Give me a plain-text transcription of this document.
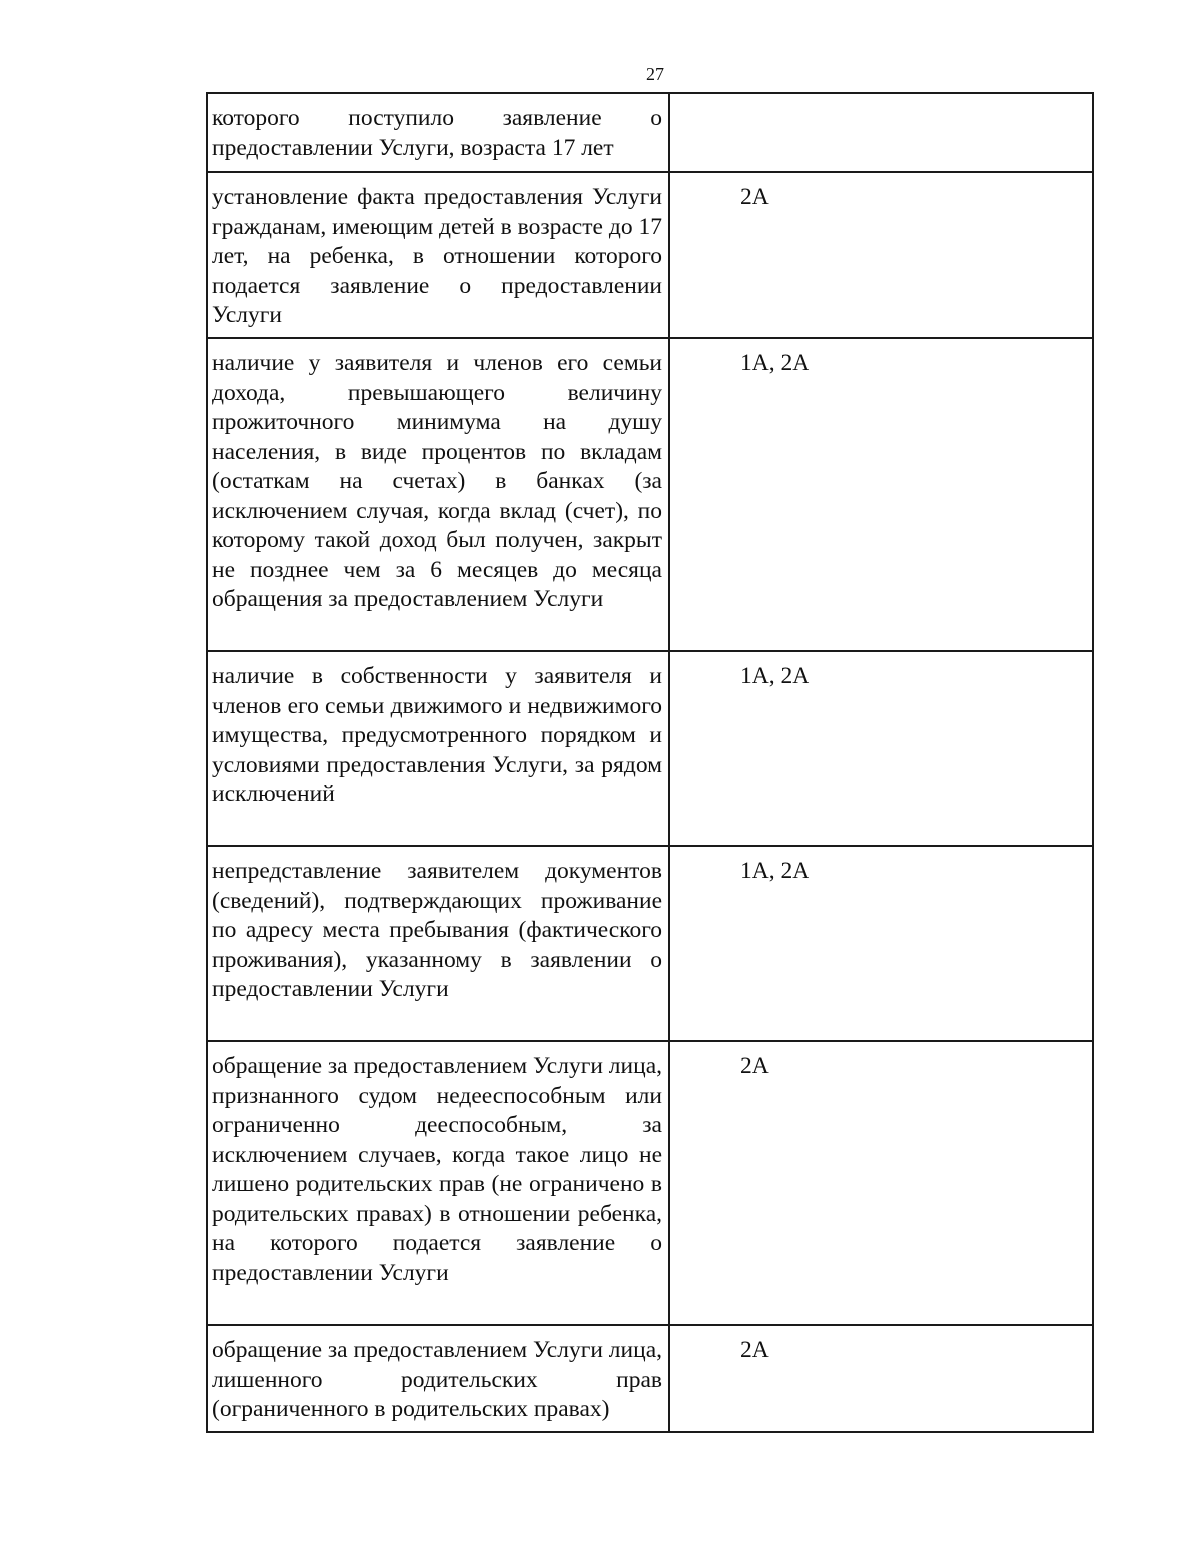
27
которого поступило заявление о предоставлении Услуги, возраста 17 лет	
установление факта предоставления Услуги гражданам, имеющим детей в возрасте до 17 лет, на ребенка, в отношении которого подается заявление о предоставлении Услуги	2А
наличие у заявителя и членов его семьи дохода, превышающего величину прожиточного минимума на душу населения, в виде процентов по вкладам (остаткам на счетах) в банках (за исключением случая, когда вклад (счет), по которому такой доход был получен, закрыт не позднее чем за 6 месяцев до месяца обращения за предоставлением Услуги	1А, 2А
наличие в собственности у заявителя и членов его семьи движимого и недвижимого имущества, предусмотренного порядком и условиями предоставления Услуги, за рядом исключений	1А, 2А
непредставление заявителем документов (сведений), подтверждающих проживание по адресу места пребывания (фактического проживания), указанному в заявлении о предоставлении Услуги	1А, 2А
обращение за предоставлением Услуги лица, признанного судом недееспособным или ограниченно дееспособным, за исключением случаев, когда такое лицо не лишено родительских прав (не ограничено в родительских правах) в отношении ребенка, на которого подается заявление о предоставлении Услуги	2А
обращение за предоставлением Услуги лица, лишенного родительских прав (ограниченного в родительских правах)	2А
